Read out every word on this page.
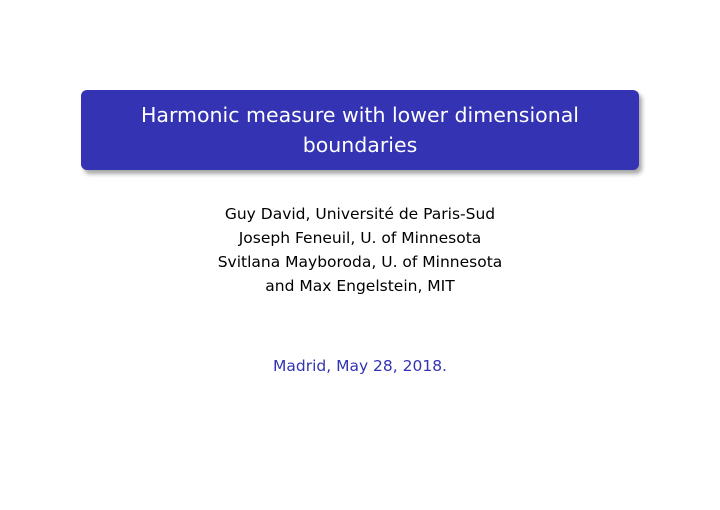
Harmonic measure with lower dimensional
boundaries
Guy David, Université de Paris-Sud
Joseph Feneuil, U. of Minnesota
Svitlana Mayboroda, U. of Minnesota
and Max Engelstein, MIT
Madrid, May 28, 2018.
